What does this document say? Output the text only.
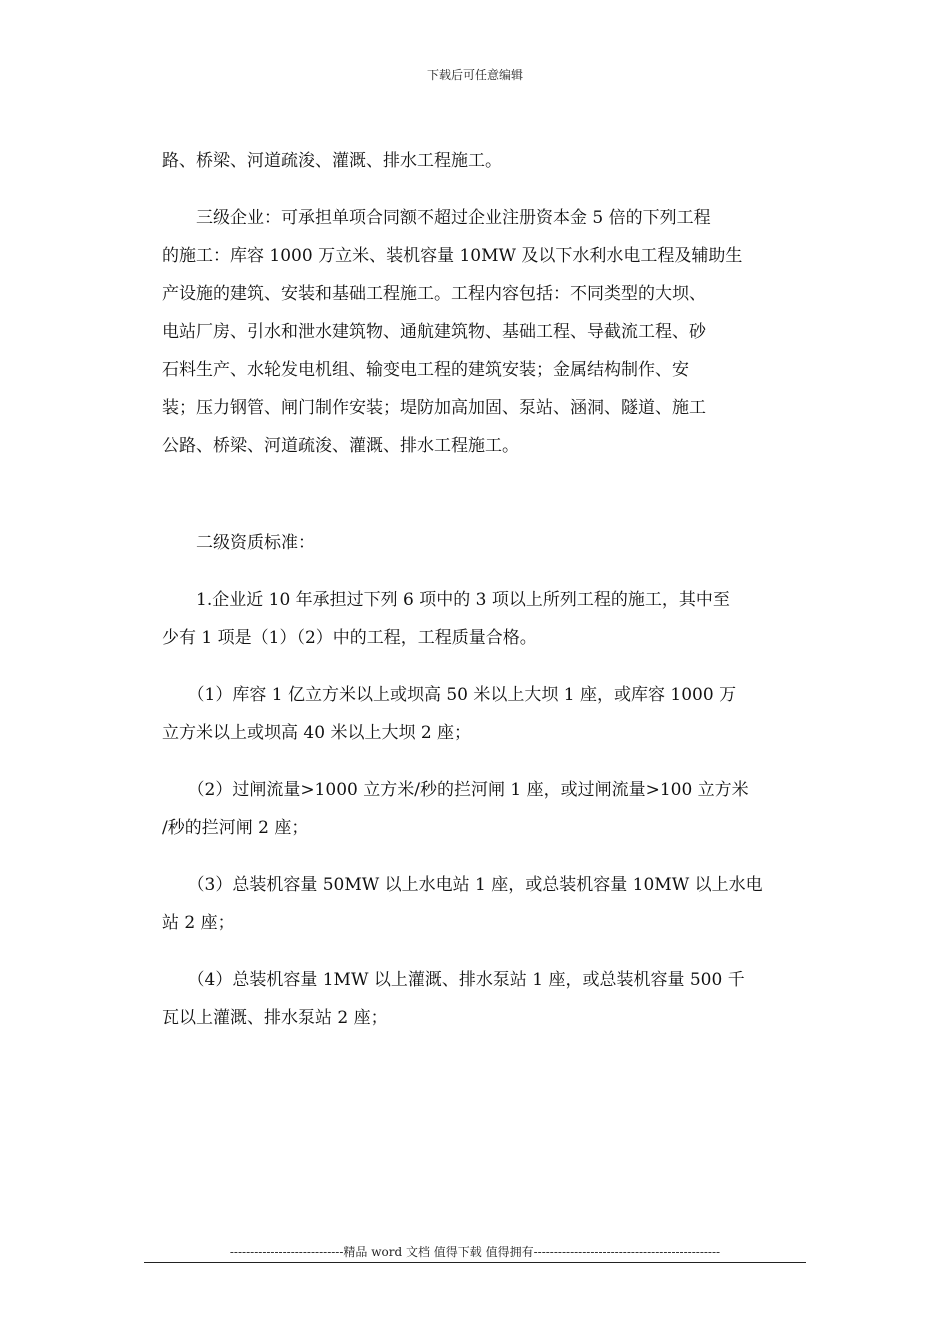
下载后可任意编辑
路、桥梁、河道疏浚、灌溉、排水工程施工。
　　三级企业：可承担单项合同额不超过企业注册资本金 5 倍的下列工程
的施工：库容 1000 万立米、装机容量 10MW 及以下水利水电工程及辅助生
产设施的建筑、安装和基础工程施工。工程内容包括：不同类型的大坝、
电站厂房、引水和泄水建筑物、通航建筑物、基础工程、导截流工程、砂
石料生产、水轮发电机组、输变电工程的建筑安装；金属结构制作、安
装；压力钢管、闸门制作安装；堤防加高加固、泵站、涵洞、隧道、施工
公路、桥梁、河道疏浚、灌溉、排水工程施工。
　　二级资质标准：
　　1.企业近 10 年承担过下列 6 项中的 3 项以上所列工程的施工，其中至
少有 1 项是（1）（2）中的工程，工程质量合格。
　　（1）库容 1 亿立方米以上或坝高 50 米以上大坝 1 座，或库容 1000 万
立方米以上或坝高 40 米以上大坝 2 座；
　　（2）过闸流量>1000 立方米/秒的拦河闸 1 座，或过闸流量>100 立方米
/秒的拦河闸 2 座；
　　（3）总装机容量 50MW 以上水电站 1 座，或总装机容量 10MW 以上水电
站 2 座；
　　（4）总装机容量 1MW 以上灌溉、排水泵站 1 座，或总装机容量 500 千
瓦以上灌溉、排水泵站 2 座；
----------------------------精品 word 文档 值得下载 值得拥有----------------------------------------------
